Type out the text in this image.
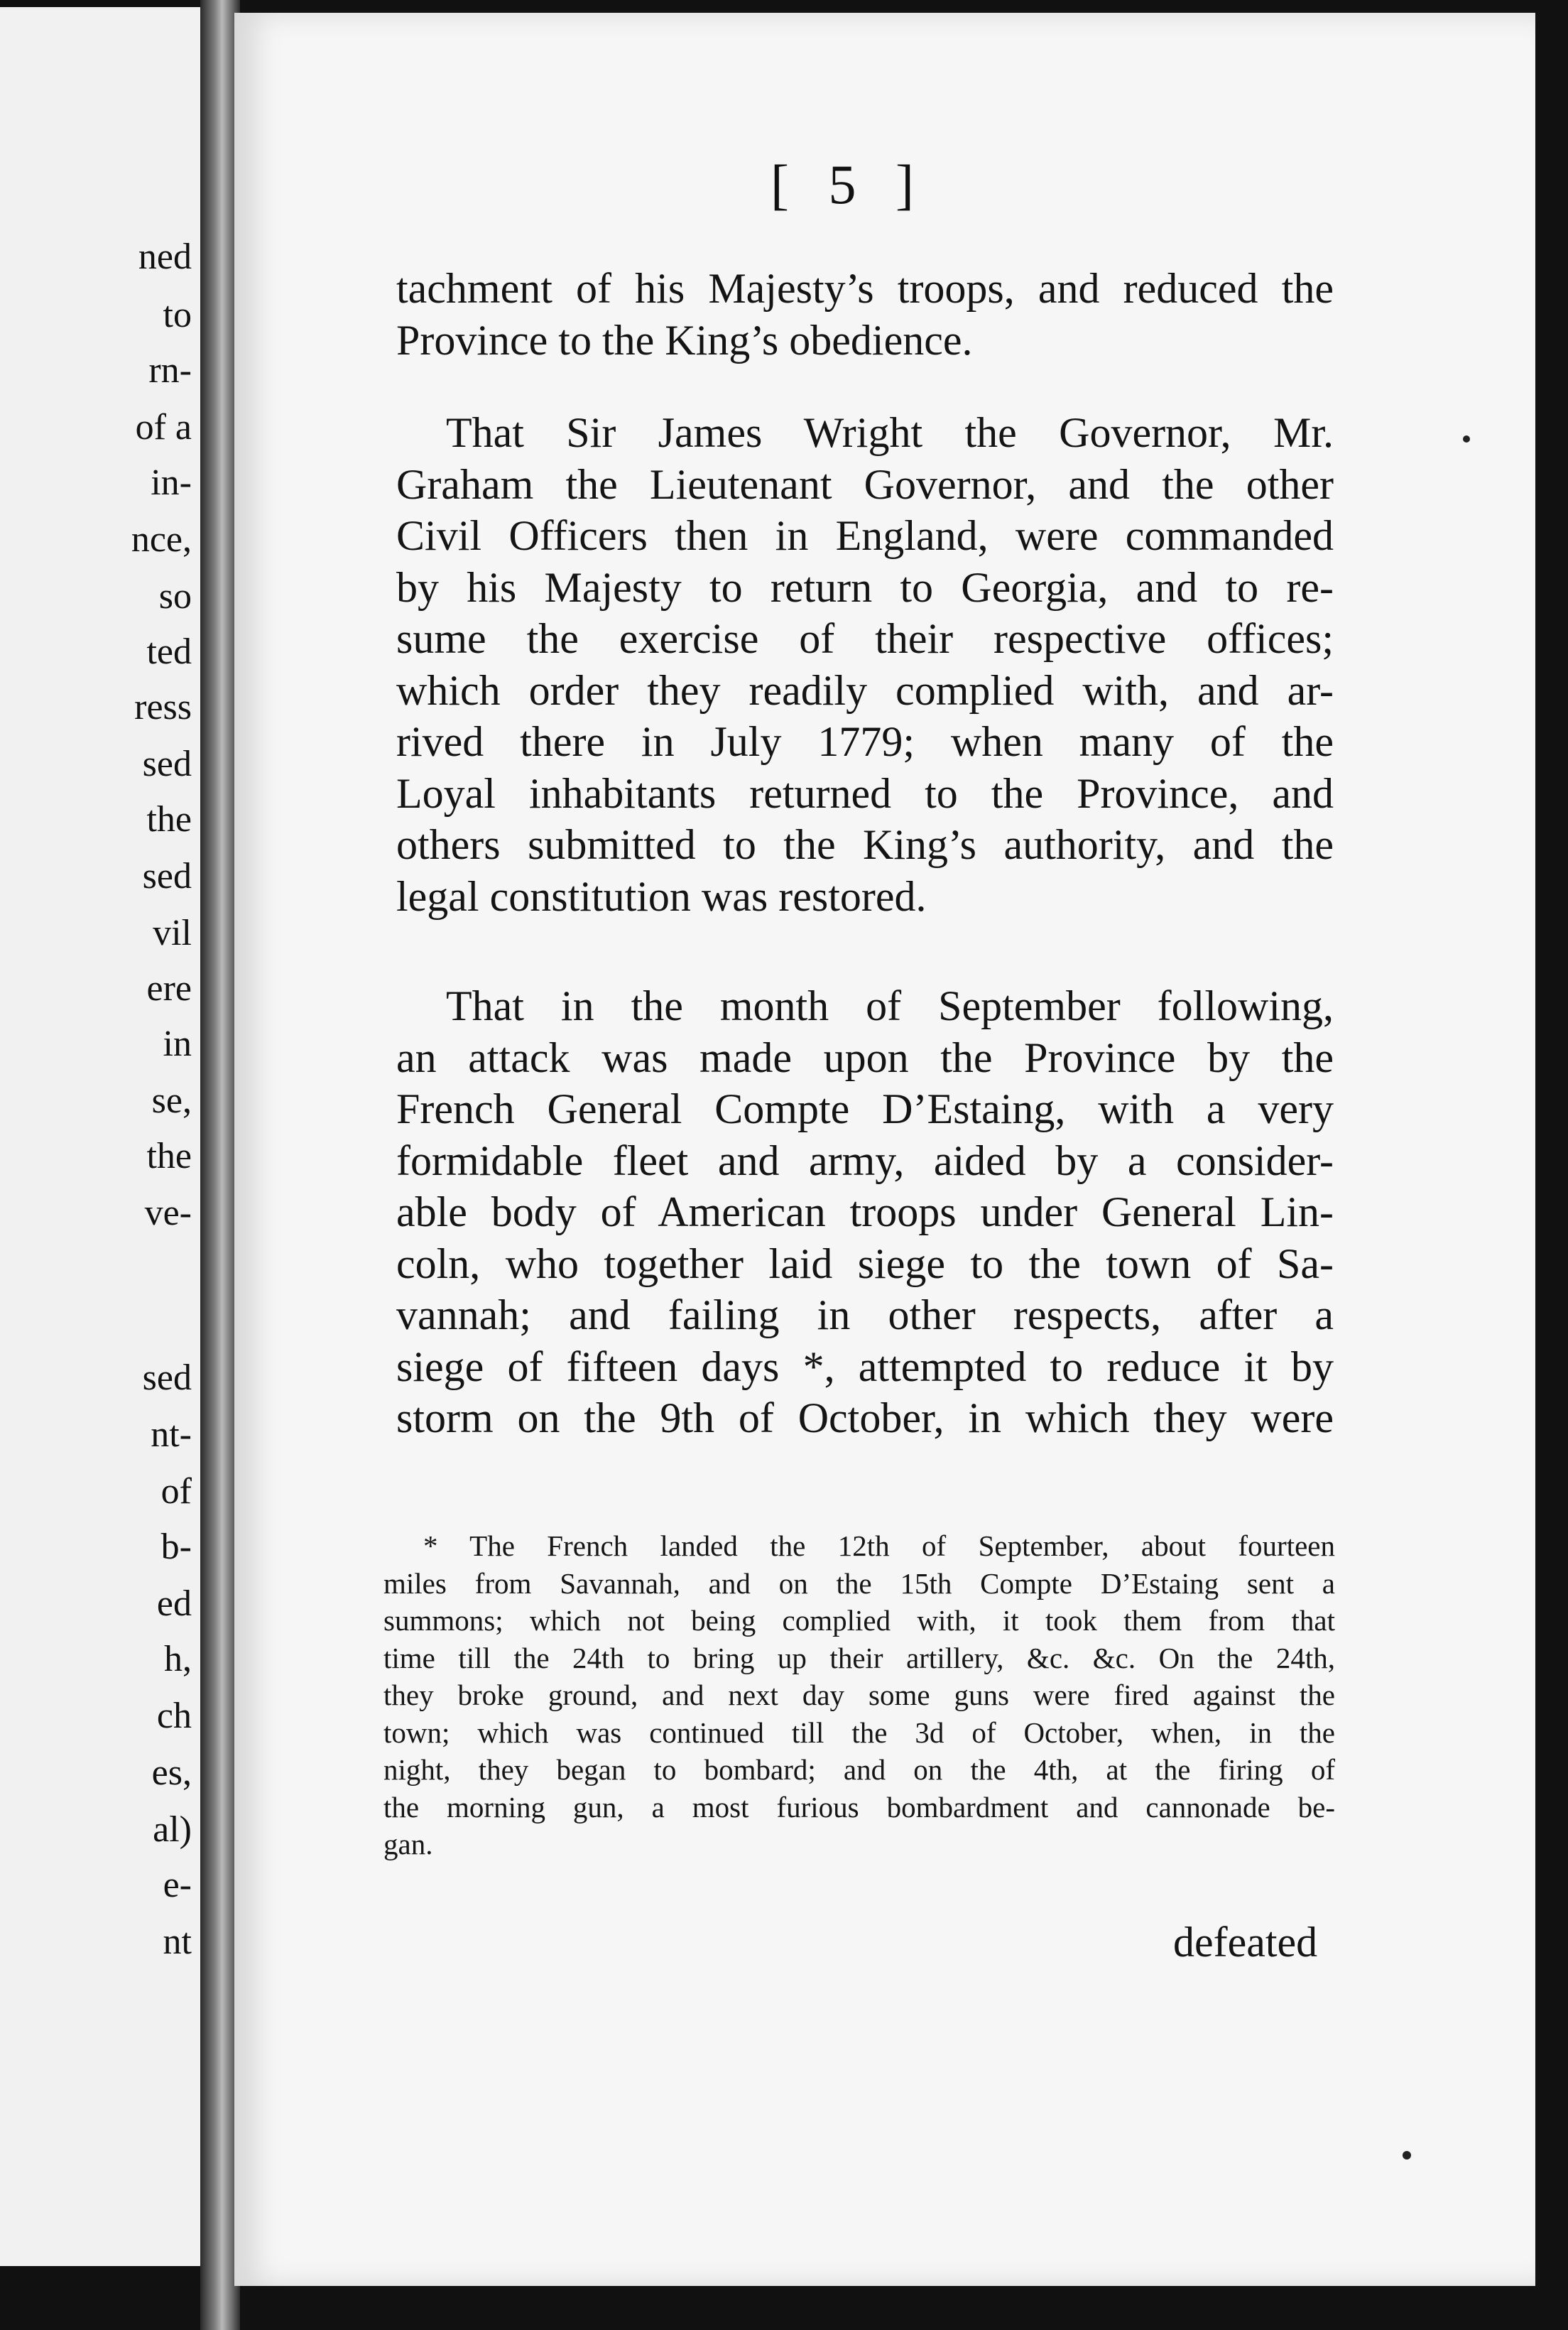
ned
to
rn-
of a
in-
nce,
so
ted
ress
sed
the
sed
vil
ere
in
se,
the
ve-
sed
nt-
of
b-
ed
h,
ch
es,
al)
e-
nt
[ 5 ]
tachment of his Majesty’s troops, and reduced the
Province to the King’s obedience.
That Sir James Wright the Governor, Mr.
Graham the Lieutenant Governor, and the other
Civil Officers then in England, were commanded
by his Majesty to return to Georgia, and to re-
sume the exercise of their respective offices;
which order they readily complied with, and ar-
rived there in July 1779; when many of the
Loyal inhabitants returned to the Province, and
others submitted to the King’s authority, and the
legal constitution was restored.
That in the month of September following,
an attack was made upon the Province by the
French General Compte D’Estaing, with a very
formidable fleet and army, aided by a consider-
able body of American troops under General Lin-
coln, who together laid siege to the town of Sa-
vannah; and failing in other respects, after a
siege of fifteen days *, attempted to reduce it by
storm on the 9th of October, in which they were
* The French landed the 12th of September, about fourteen
miles from Savannah, and on the 15th Compte D’Estaing sent a
summons; which not being complied with, it took them from that
time till the 24th to bring up their artillery, &c. &c. On the 24th,
they broke ground, and next day some guns were fired against the
town; which was continued till the 3d of October, when, in the
night, they began to bombard; and on the 4th, at the firing of
the morning gun, a most furious bombardment and cannonade be-
gan.
defeated
